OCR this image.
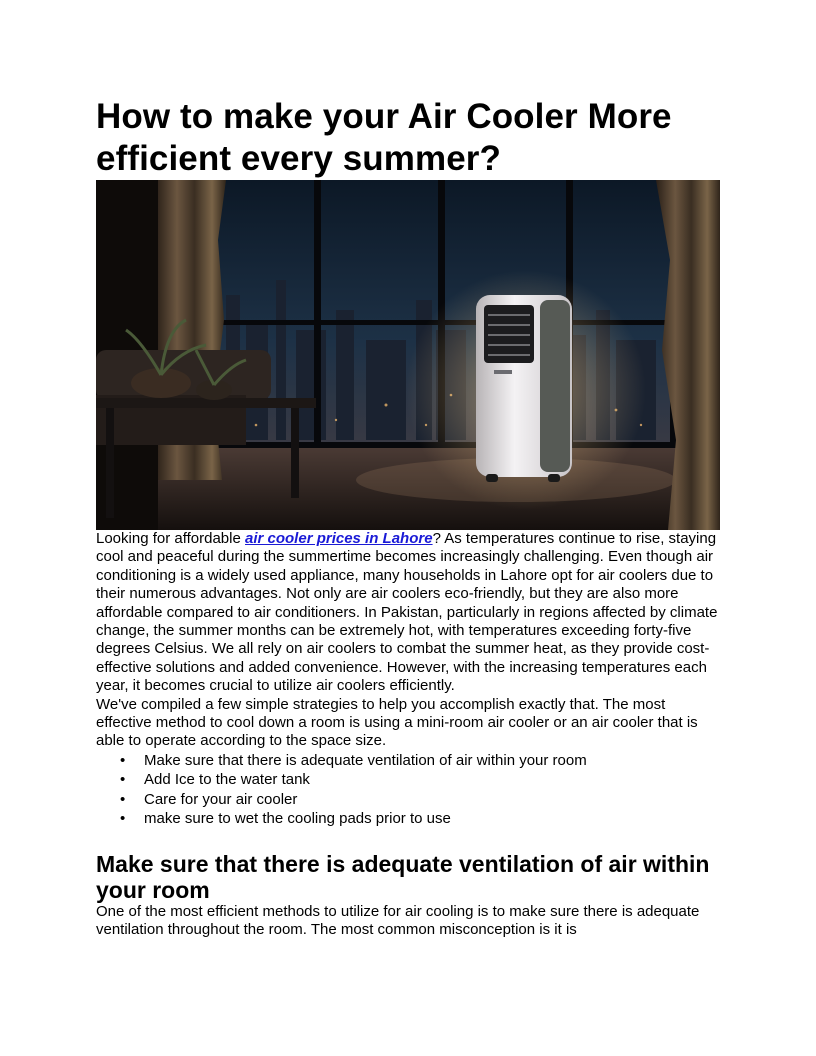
How to make your Air Cooler More efficient every summer?

Looking for affordable air cooler prices in Lahore? As temperatures continue to rise, staying cool and peaceful during the summertime becomes increasingly challenging. Even though air conditioning is a widely used appliance, many households in Lahore opt for air coolers due to their numerous advantages. Not only are air coolers eco-friendly, but they are also more affordable compared to air conditioners. In Pakistan, particularly in regions affected by climate change, the summer months can be extremely hot, with temperatures exceeding forty-five degrees Celsius. We all rely on air coolers to combat the summer heat, as they provide cost-effective solutions and added convenience. However, with the increasing temperatures each year, it becomes crucial to utilize air coolers efficiently.

We've compiled a few simple strategies to help you accomplish exactly that. The most effective method to cool down a room is using a mini-room air cooler or an air cooler that is able to operate according to the space size.

• Make sure that there is adequate ventilation of air within your room
• Add Ice to the water tank
• Care for your air cooler
• make sure to wet the cooling pads prior to use
Make sure that there is adequate ventilation of air within your room

One of the most efficient methods to utilize for air cooling is to make sure there is adequate ventilation throughout the room. The most common misconception is it is
